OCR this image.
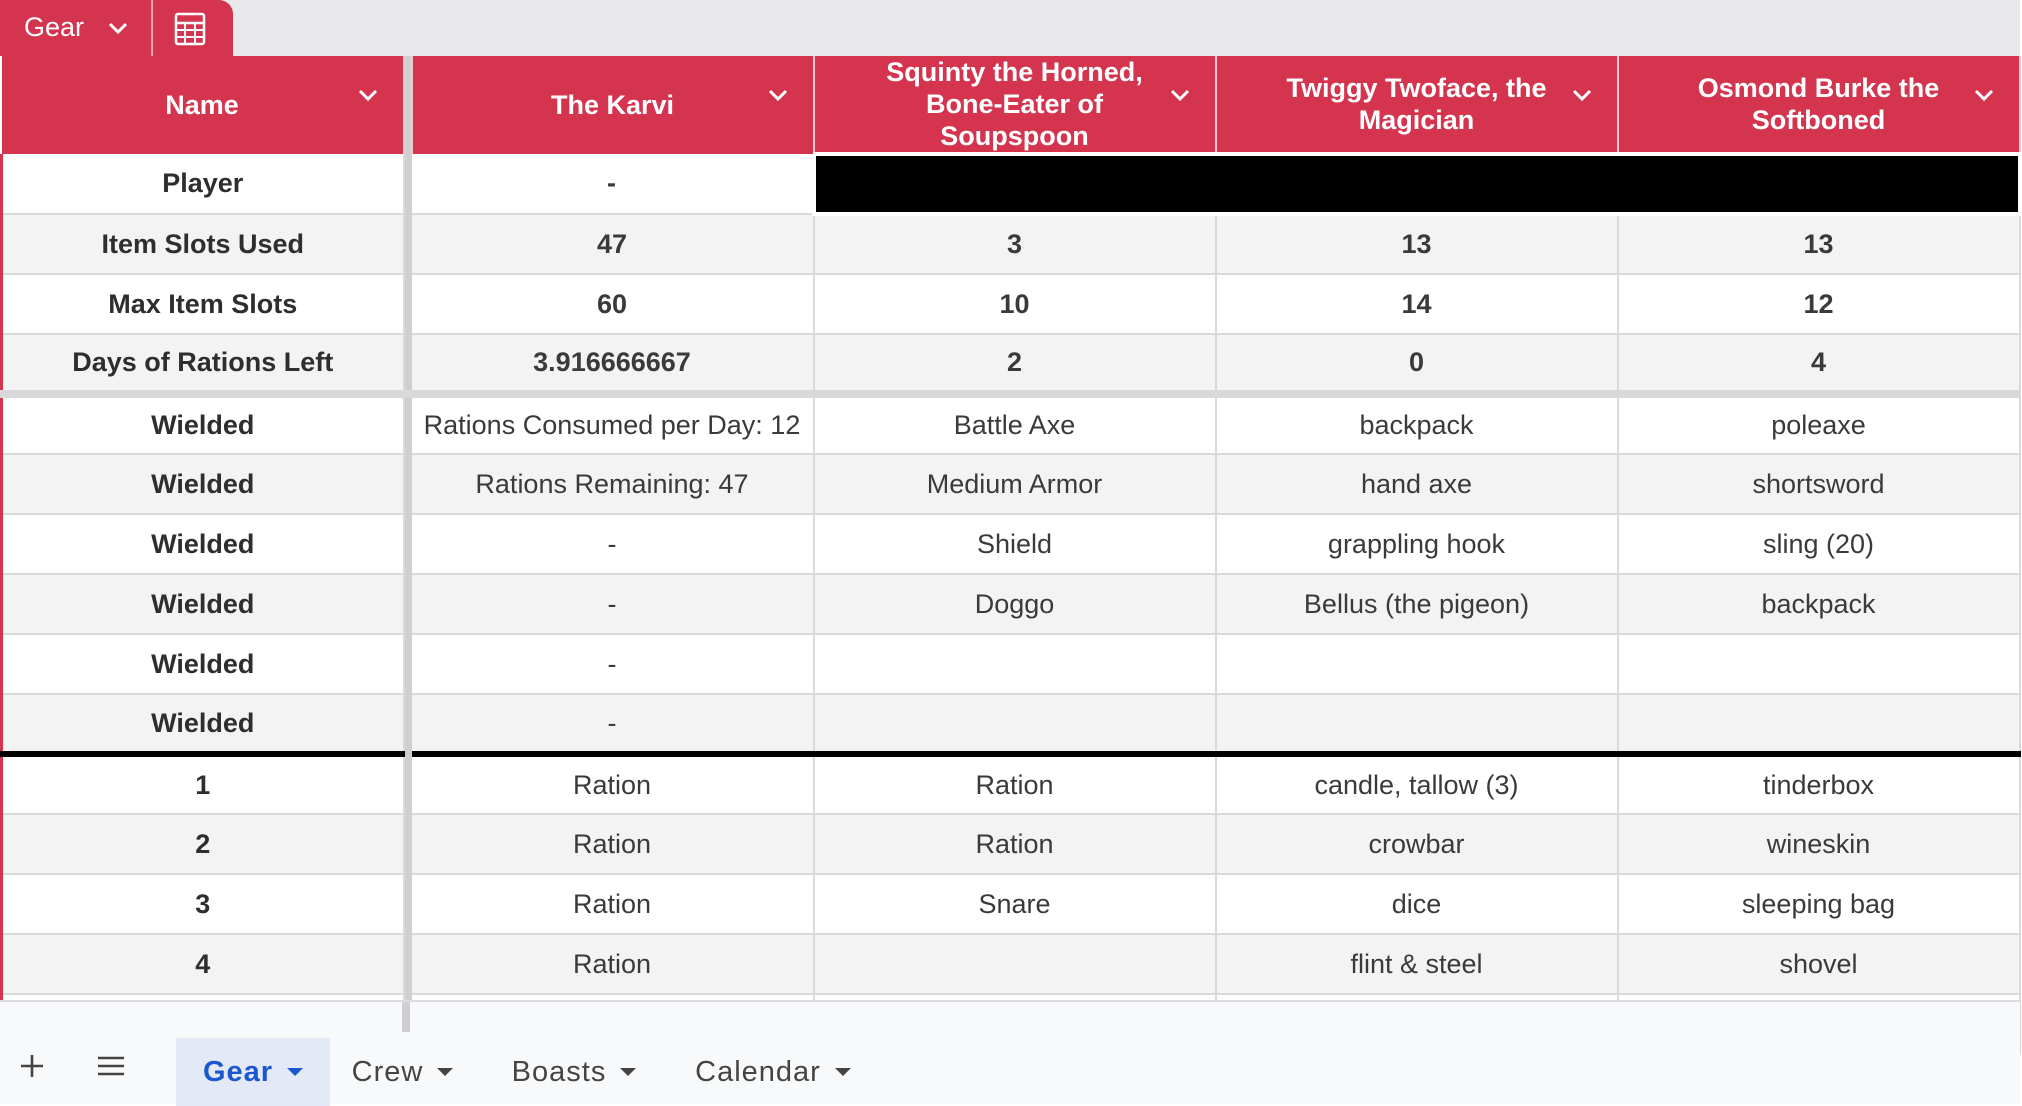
Gear
Name		The Karvi	Squinty the Horned, Bone-Eater of Soupspoon	Twiggy Twoface, the Magician	Osmond Burke the Softboned

Player		-			
Item Slots Used		47	3	13	13
Max Item Slots		60	10	14	12
Days of Rations Left		3.916666667	2	0	4
Wielded		Rations Consumed per Day: 12	Battle Axe	backpack	poleaxe
Wielded		Rations Remaining: 47	Medium Armor	hand axe	shortsword
Wielded		-	Shield	grappling hook	sling (20)
Wielded		-	Doggo	Bellus (the pigeon)	backpack
Wielded		-			
Wielded		-			
1		Ration	Ration	candle, tallow (3)	tinderbox
2		Ration	Ration	crowbar	wineskin
3		Ration	Snare	dice	sleeping bag
4		Ration		flint & steel	shovel

Gear	Crew	Boasts	Calendar
